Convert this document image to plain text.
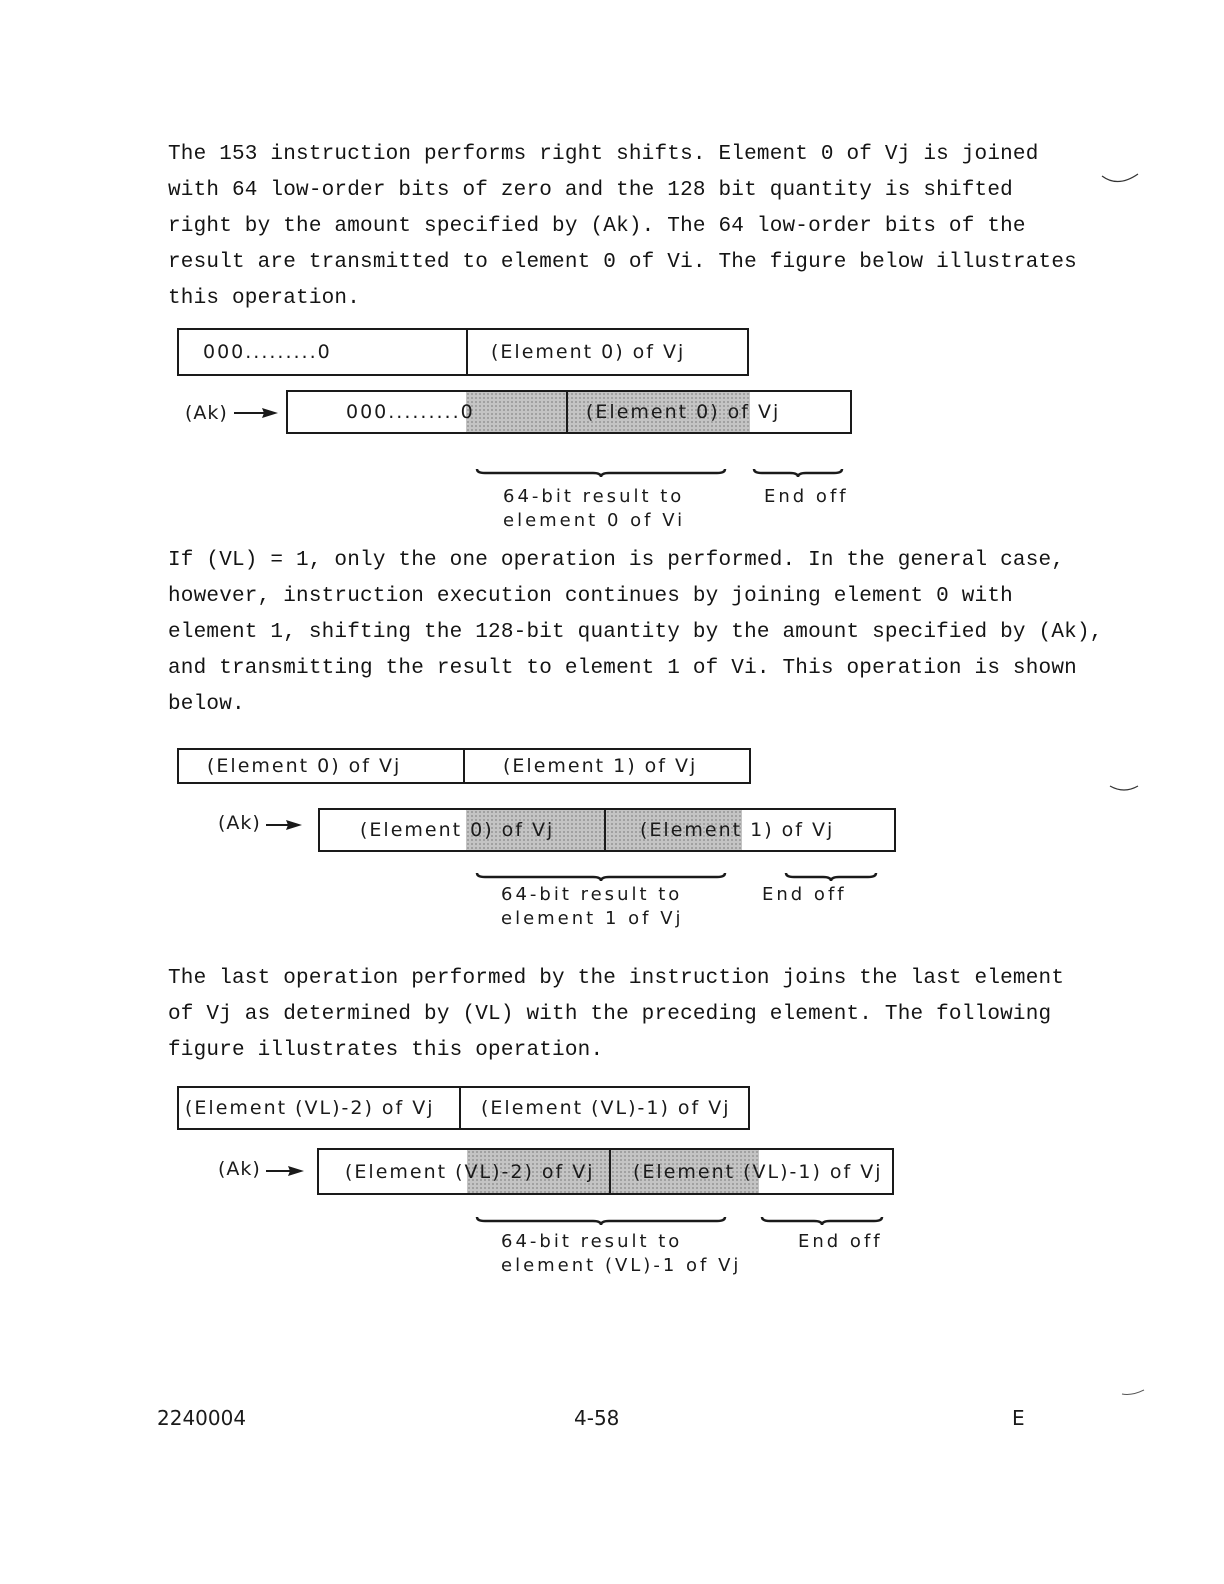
The 153 instruction performs right shifts. Element 0 of Vj is joined
with 64 low-order bits of zero and the 128 bit quantity is shifted
right by the amount specified by (Ak). The 64 low-order bits of the
result are transmitted to element 0 of Vi. The figure below illustrates
this operation.
000.........0	(Element 0) of Vj
(Ak)	000.........0	(Element 0) of Vj
64-bit result to
element 0 of Vi
End off
If (VL) = 1, only the one operation is performed. In the general case,
however, instruction execution continues by joining element 0 with
element 1, shifting the 128-bit quantity by the amount specified by (Ak),
and transmitting the result to element 1 of Vi. This operation is shown
below.
(Element 0) of Vj	(Element 1) of Vj
(Ak)	(Element 0) of Vj	(Element 1) of Vj
64-bit result to
element 1 of Vj
End off
The last operation performed by the instruction joins the last element
of Vj as determined by (VL) with the preceding element. The following
figure illustrates this operation.
(Element (VL)-2) of Vj	(Element (VL)-1) of Vj
(Ak)	(Element (VL)-2) of Vj	(Element (VL)-1) of Vj
64-bit result to
element (VL)-1 of Vj
End off
2240004	4-58	E
